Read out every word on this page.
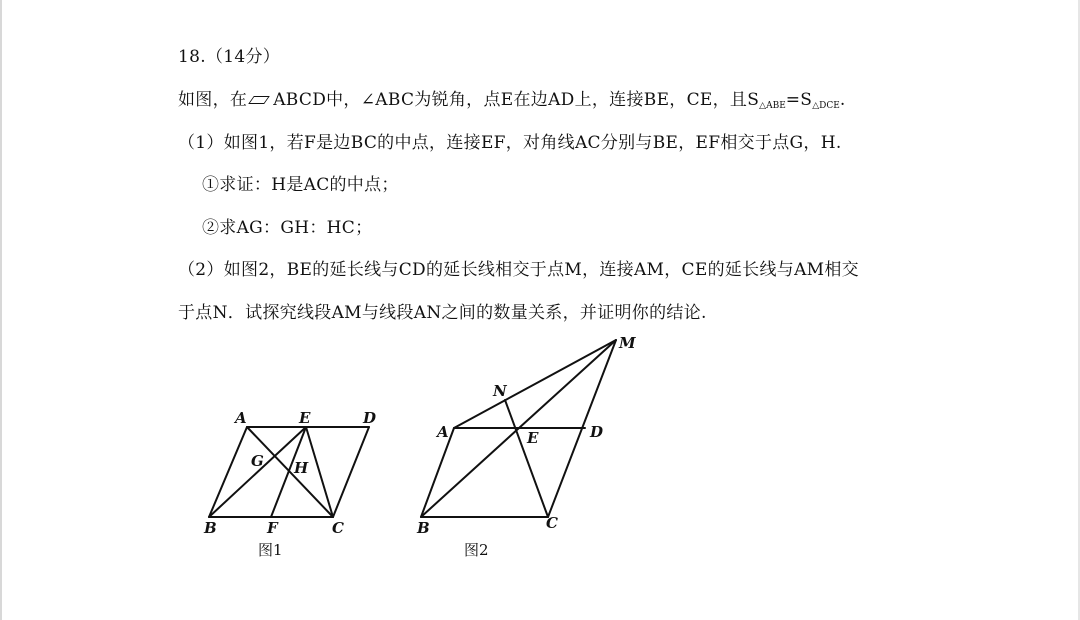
18.（14分）
如图，在 ABCD中，∠ABC为锐角，点E在边AD上，连接BE，CE，且$S_{\triangle ABE}=S_{\triangle DCE}$.
（1）如图1，若F是边BC的中点，连接EF，对角线AC分别与BE，EF相交于点G，H.
①求证：H是AC的中点；
②求AG：GH：HC；
（2）如图2，BE的延长线与CD的延长线相交于点M，连接AM，CE的延长线与AM相交
于点N．试探究线段AM与线段AN之间的数量关系，并证明你的结论.
A	E	D
G H
B	F	C
图1
M
N
A	E	D
B	C
图2
